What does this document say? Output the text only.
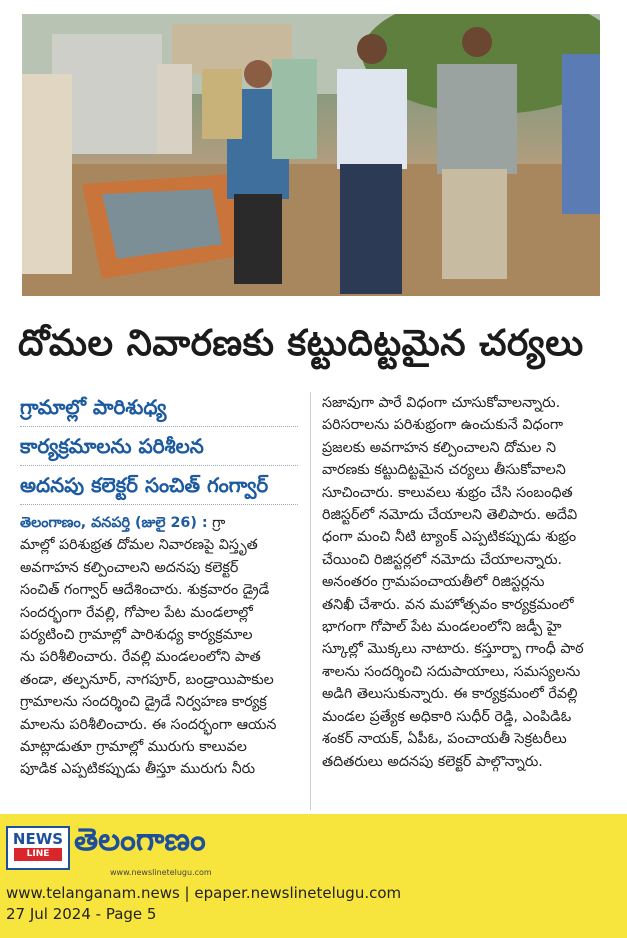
దోమల నివారణకు కట్టుదిట్టమైన చర్యలు
గ్రామాల్లో పారిశుధ్య
కార్యక్రమాలను పరిశీలన
అదనపు కలెక్టర్ సంచిత్ గంగ్వార్
తెలంగాణం, వనపర్తి (జులై 26) : గ్రా
మాల్లో పరిశుభ్రత దోమల నివారణపై విస్తృత
అవగాహన కల్పించాలని అదనపు కలెక్టర్
సంచిత్ గంగ్వార్ ఆదేశించారు. శుక్రవారం డ్రైడే
సందర్భంగా రేవల్లి, గోపాల పేట మండలాల్లో
పర్యటించి గ్రామాల్లో పారిశుధ్య కార్యక్రమాల
ను పరిశీలించారు. రేవల్లి మండలంలోని పాత
తండా, తల్పనూర్, నాగపూర్, బండ్రాయిపాకుల
గ్రామాలను సందర్శించి డ్రైడే నిర్వహణ కార్యక్ర
మాలను పరిశీలించారు. ఈ సందర్భంగా ఆయన
మాట్లాడుతూ గ్రామాల్లో మురుగు కాలువల
పూడిక ఎప్పటికప్పుడు తీస్తూ మురుగు నీరు
సజావుగా పారే విధంగా చూసుకోవాలన్నారు.
పరిసరాలను పరిశుభ్రంగా ఉంచుకునే విధంగా
ప్రజలకు అవగాహన కల్పించాలని దోమల ని
వారణకు కట్టుదిట్టమైన చర్యలు తీసుకోవాలని
సూచించారు. కాలువలు శుభ్రం చేసి సంబంధిత
రిజిస్టర్‌లో నమోదు చేయాలని తెలిపారు. అదేవి
ధంగా మంచి నీటి ట్యాంక్ ఎప్పటికప్పుడు శుభ్రం
చేయించి రిజిస్టర్లలో నమోదు చేయాలన్నారు.
అనంతరం గ్రామపంచాయతీలో రిజిస్టర్లను
తనిఖీ చేశారు. వన మహోత్సవం కార్యక్రమంలో
భాగంగా గోపాల్ పేట మండలంలోని జడ్పీ హై
స్కూల్లో మొక్కలు నాటారు. కస్తూర్బా గాంధీ పాఠ
శాలను సందర్శించి సదుపాయాలు, సమస్యలను
అడిగి తెలుసుకున్నారు. ఈ కార్యక్రమంలో రేవల్లి
మండల ప్రత్యేక అధికారి సుధీర్ రెడ్డి, ఎంపిడిఓ
శంకర్ నాయక్, ఏపీఓ, పంచాయతీ సెక్రటరీలు
తదితరులు అదనపు కలెక్టర్ పాల్గొన్నారు.
NEWS
LINE తెలంగాణం
www.newslinetelugu.com
www.telanganam.news | epaper.newslinetelugu.com
27 Jul 2024 - Page 5
